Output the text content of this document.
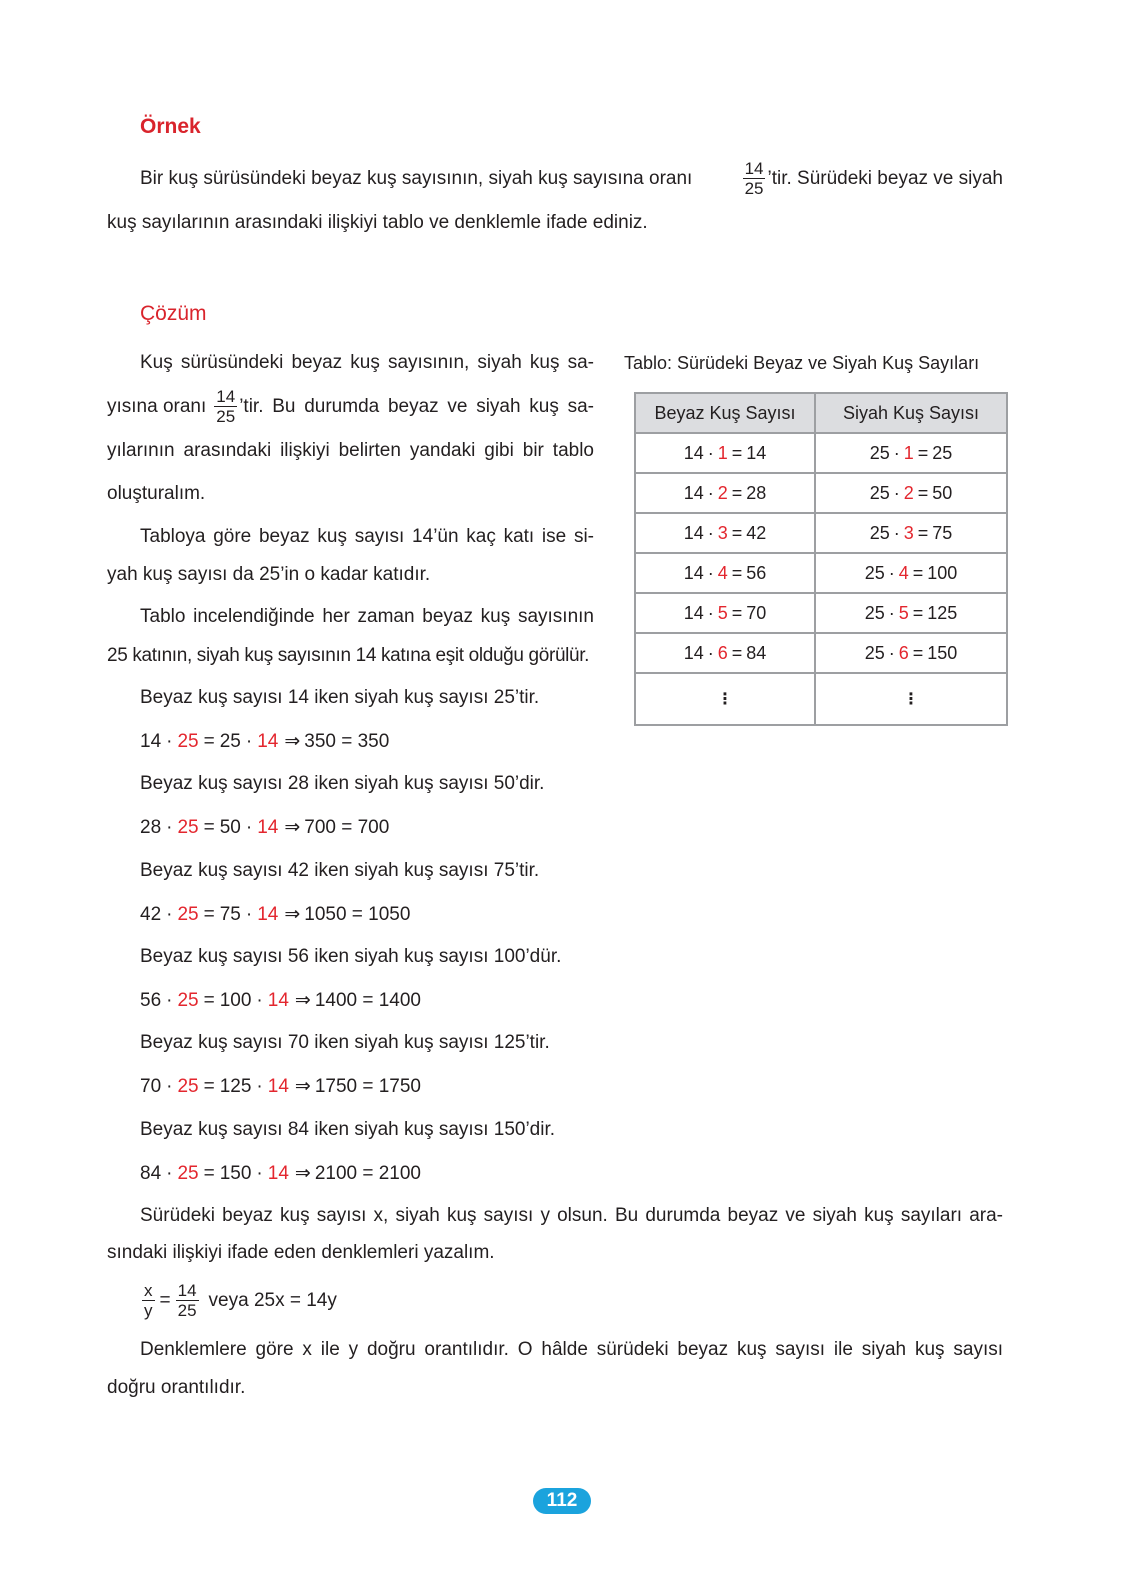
Örnek
Bir kuş sürüsündeki beyaz kuş sayısının, siyah kuş sayısına oranı	$\frac{14}{25}$ ’tir. Sürüdeki beyaz ve siyah
kuş sayılarının arasındaki ilişkiyi tablo ve denklemle ifade ediniz.
Çözüm
Kuş sürüsündeki beyaz kuş sayısının, siyah kuş sa-
yısına oranı $\frac{14}{25}$ ’tir. Bu durumda beyaz ve siyah kuş sa-
yılarının arasındaki ilişkiyi belirten yandaki gibi bir tablo
oluşturalım.
Tabloya göre beyaz kuş sayısı 14’ün kaç katı ise si-
yah kuş sayısı da 25’in o kadar katıdır.
Tablo incelendiğinde her zaman beyaz kuş sayısının
25 katının, siyah kuş sayısının 14 katına eşit olduğu görülür.
Beyaz kuş sayısı 14 iken siyah kuş sayısı 25’tir.
14 · 25 = 25 · 14 ⇒ 350 = 350
Beyaz kuş sayısı 28 iken siyah kuş sayısı 50’dir.
28 · 25 = 50 · 14 ⇒ 700 = 700
Beyaz kuş sayısı 42 iken siyah kuş sayısı 75’tir.
42 · 25 = 75 · 14 ⇒ 1050 = 1050
Beyaz kuş sayısı 56 iken siyah kuş sayısı 100’dür.
56 · 25 = 100 · 14 ⇒ 1400 = 1400
Beyaz kuş sayısı 70 iken siyah kuş sayısı 125’tir.
70 · 25 = 125 · 14 ⇒ 1750 = 1750
Beyaz kuş sayısı 84 iken siyah kuş sayısı 150’dir.
84 · 25 = 150 · 14 ⇒ 2100 = 2100
Sürüdeki beyaz kuş sayısı x, siyah kuş sayısı y olsun. Bu durumda beyaz ve siyah kuş sayıları ara-
sındaki ilişkiyi ifade eden denklemleri yazalım.
$\frac{x}{y} = \frac{14}{25}$ veya 25x = 14y
Denklemlere göre x ile y doğru orantılıdır. O hâlde sürüdeki beyaz kuş sayısı ile siyah kuş sayısı
doğru orantılıdır.
Tablo: Sürüdeki Beyaz ve Siyah Kuş Sayıları
Beyaz Kuş Sayısı	Siyah Kuş Sayısı
14 · 1 = 14	25 · 1 = 25
14 · 2 = 28	25 · 2 = 50
14 · 3 = 42	25 · 3 = 75
14 · 4 = 56	25 · 4 = 100
14 · 5 = 70	25 · 5 = 125
14 · 6 = 84	25 · 6 = 150
⋮	⋮
112
